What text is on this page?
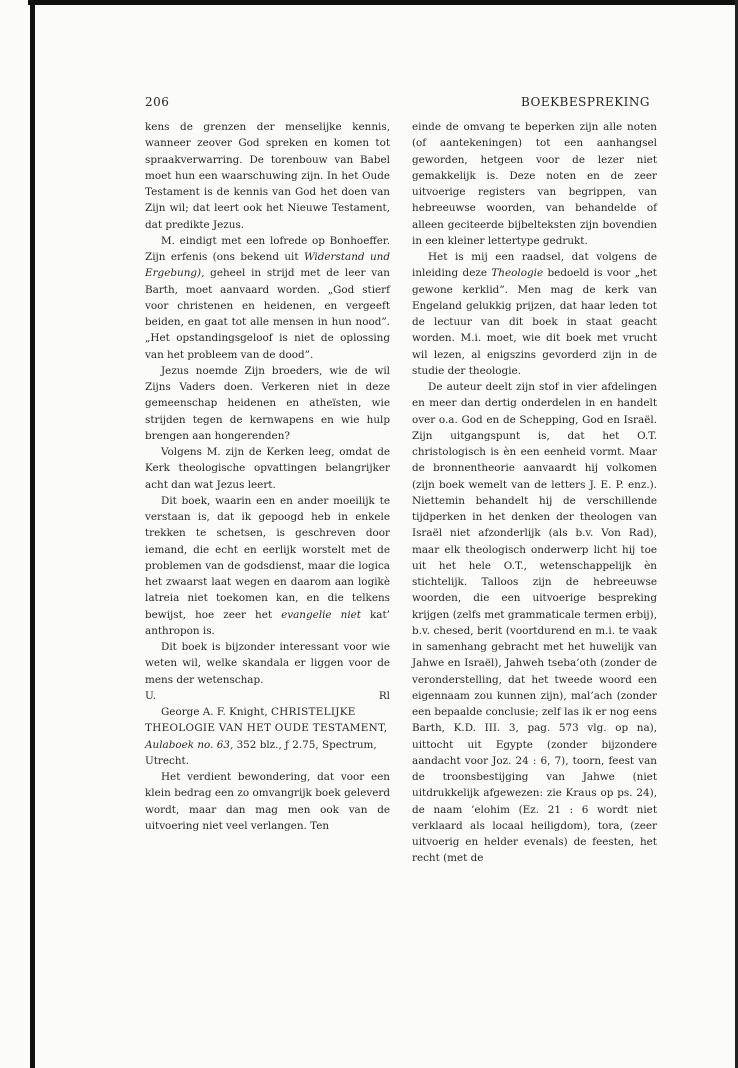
206	BOEKBESPREKING

kens de grenzen der menselijke kennis, wanneer zeover God spreken en komen tot spraakverwarring. De torenbouw van Babel moet hun een waarschuwing zijn. In het Oude Testament is de kennis van God het doen van Zijn wil; dat leert ook het Nieuwe Testament, dat predikte Jezus.

M. eindigt met een lofrede op Bonhoeffer. Zijn erfenis (ons bekend uit Widerstand und Ergebung), geheel in strijd met de leer van Barth, moet aanvaard worden. „God stierf voor christenen en heidenen, en vergeeft beiden, en gaat tot alle mensen in hun nood”. „Het opstandingsgeloof is niet de oplossing van het probleem van de dood”.

Jezus noemde Zijn broeders, wie de wil Zijns Vaders doen. Verkeren niet in deze gemeenschap heidenen en atheïsten, wie strijden tegen de kernwapens en wie hulp brengen aan hongerenden?

Volgens M. zijn de Kerken leeg, omdat de Kerk theologische opvattingen belangrijker acht dan wat Jezus leert.

Dit boek, waarin een en ander moeilijk te verstaan is, dat ik gepoogd heb in enkele trekken te schetsen, is geschreven door iemand, die echt en eerlijk worstelt met de problemen van de godsdienst, maar die logica het zwaarst laat wegen en daarom aan logikè latreia niet toekomen kan, en die telkens bewijst, hoe zeer het evangelie niet kat’ anthropon is.

Dit boek is bijzonder interessant voor wie weten wil, welke skandala er liggen voor de mens der wetenschap.

U.	Rl

George A. F. Knight, CHRISTELIJKE THEOLOGIE VAN HET OUDE TESTAMENT, Aulaboek no. 63, 352 blz., ƒ 2.75, Spectrum, Utrecht.

Het verdient bewondering, dat voor een klein bedrag een zo omvangrijk boek geleverd wordt, maar dan mag men ook van de uitvoering niet veel verlangen. Ten

einde de omvang te beperken zijn alle noten (of aantekeningen) tot een aanhangsel geworden, hetgeen voor de lezer niet gemakkelijk is. Deze noten en de zeer uitvoerige registers van begrippen, van hebreeuwse woorden, van behandelde of alleen geciteerde bijbelteksten zijn bovendien in een kleiner lettertype gedrukt.

Het is mij een raadsel, dat volgens de inleiding deze Theologie bedoeld is voor „het gewone kerklid”. Men mag de kerk van Engeland gelukkig prijzen, dat haar leden tot de lectuur van dit boek in staat geacht worden. M.i. moet, wie dit boek met vrucht wil lezen, al enigszins gevorderd zijn in de studie der theologie.

De auteur deelt zijn stof in vier afdelingen en meer dan dertig onderdelen in en handelt over o.a. God en de Schepping, God en Israël. Zijn uitgangspunt is, dat het O.T. christologisch is èn een eenheid vormt. Maar de bronnentheorie aanvaardt hij volkomen (zijn boek wemelt van de letters J. E. P. enz.). Niettemin behandelt hij de verschillende tijdperken in het denken der theologen van Israël niet afzonderlijk (als b.v. Von Rad), maar elk theologisch onderwerp licht hij toe uit het hele O.T., wetenschappelijk èn stichtelijk. Talloos zijn de hebreeuwse woorden, die een uitvoerige bespreking krijgen (zelfs met grammaticale termen erbij), b.v. chesed, berit (voortdurend en m.i. te vaak in samenhang gebracht met het huwelijk van Jahwe en Israël), Jahweh tseba’oth (zonder de veronderstelling, dat het tweede woord een eigennaam zou kunnen zijn), mal’ach (zonder een bepaalde conclusie; zelf las ik er nog eens Barth, K.D. III. 3, pag. 573 vlg. op na), uittocht uit Egypte (zonder bijzondere aandacht voor Joz. 24 : 6, 7), toorn, feest van de troonsbestijging van Jahwe (niet uitdrukkelijk afgewezen: zie Kraus op ps. 24), de naam ’elohim (Ez. 21 : 6 wordt niet verklaard als locaal heiligdom), tora, (zeer uitvoerig en helder evenals) de feesten, het recht (met de
